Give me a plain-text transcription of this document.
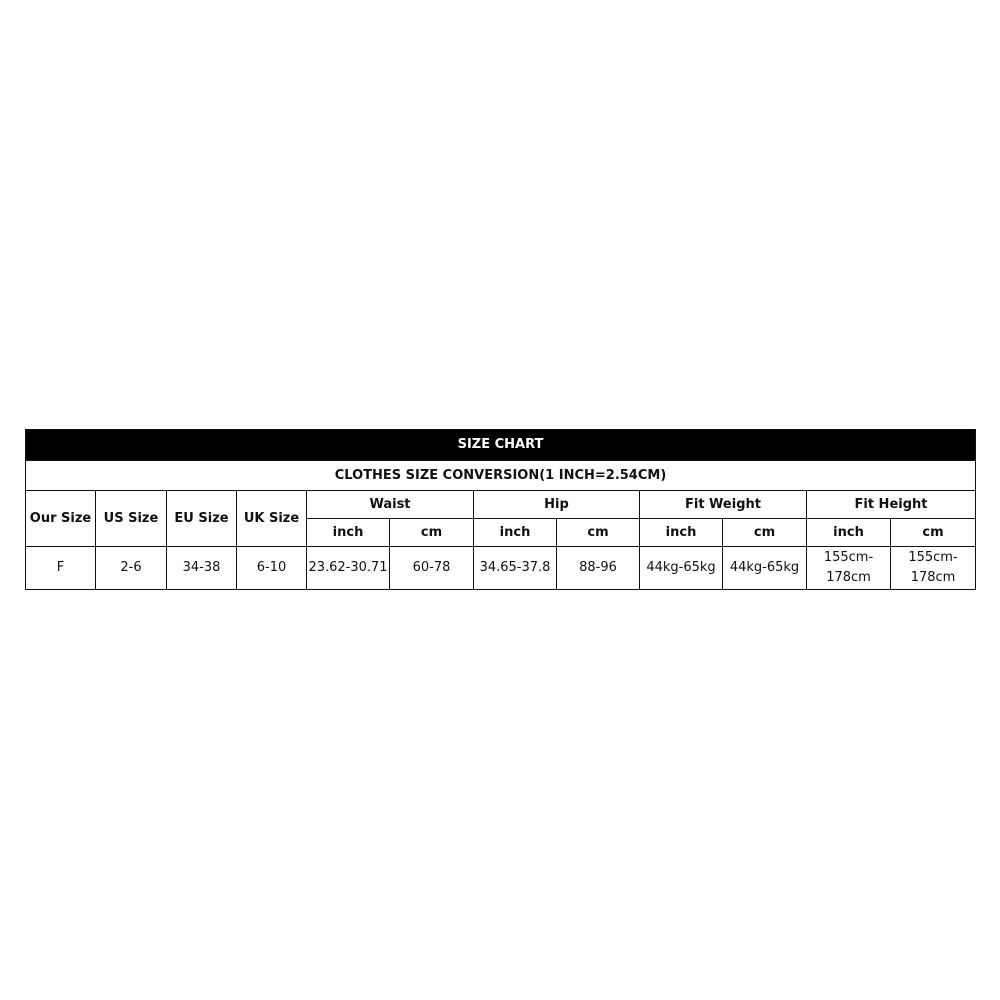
SIZE CHART											
CLOTHES SIZE CONVERSION(1 INCH=2.54CM)											
Our Size	US Size	EU Size	UK Size	Waist		Hip		Fit Weight		Fit Height	
				inch	cm	inch	cm	inch	cm	inch	cm
F	2-6	34-38	6-10	23.62-30.71	60-78	34.65-37.8	88-96	44kg-65kg	44kg-65kg	155cm-178cm	155cm-178cm
